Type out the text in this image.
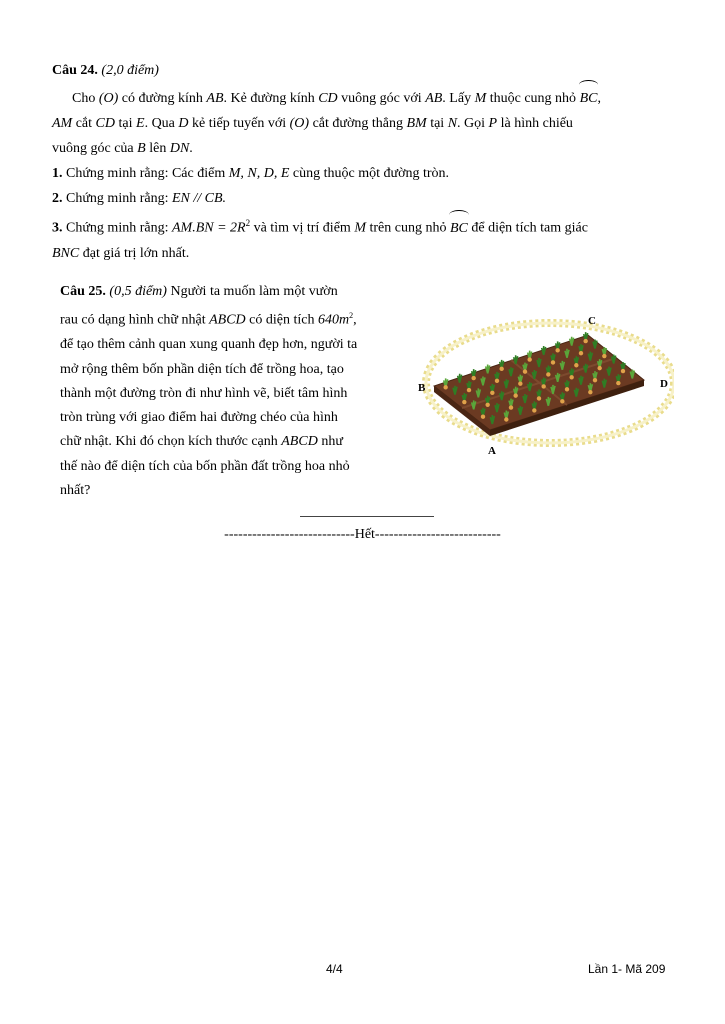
Câu 24. (2,0 điểm)
Cho (O) có đường kính AB. Kẻ đường kính CD vuông góc với AB. Lấy M thuộc cung nhỏ BC,
AM cắt CD tại E. Qua D kẻ tiếp tuyến với (O) cắt đường thẳng BM tại N. Gọi P là hình chiếu
vuông góc của B lên DN.
1. Chứng minh rằng: Các điểm M, N, D, E cùng thuộc một đường tròn.
2. Chứng minh rằng: EN // CB.
3. Chứng minh rằng: $AM.BN = 2R^2$ và tìm vị trí điểm M trên cung nhỏ BC để diện tích tam giác
BNC đạt giá trị lớn nhất.
Câu 25. (0,5 điểm) Người ta muốn làm một vườn
rau có dạng hình chữ nhật ABCD có diện tích $640m^2$,
để tạo thêm cảnh quan xung quanh đẹp hơn, người ta
mở rộng thêm bốn phần diện tích để trồng hoa, tạo
thành một đường tròn đi như hình vẽ, biết tâm hình
tròn trùng với giao điểm hai đường chéo của hình
chữ nhật. Khi đó chọn kích thước cạnh ABCD như
thế nào để diện tích của bốn phần đất trồng hoa nhỏ
nhất?
C
B	D
A
----------------------------Hết---------------------------
4/4	Lần 1- Mã 209
